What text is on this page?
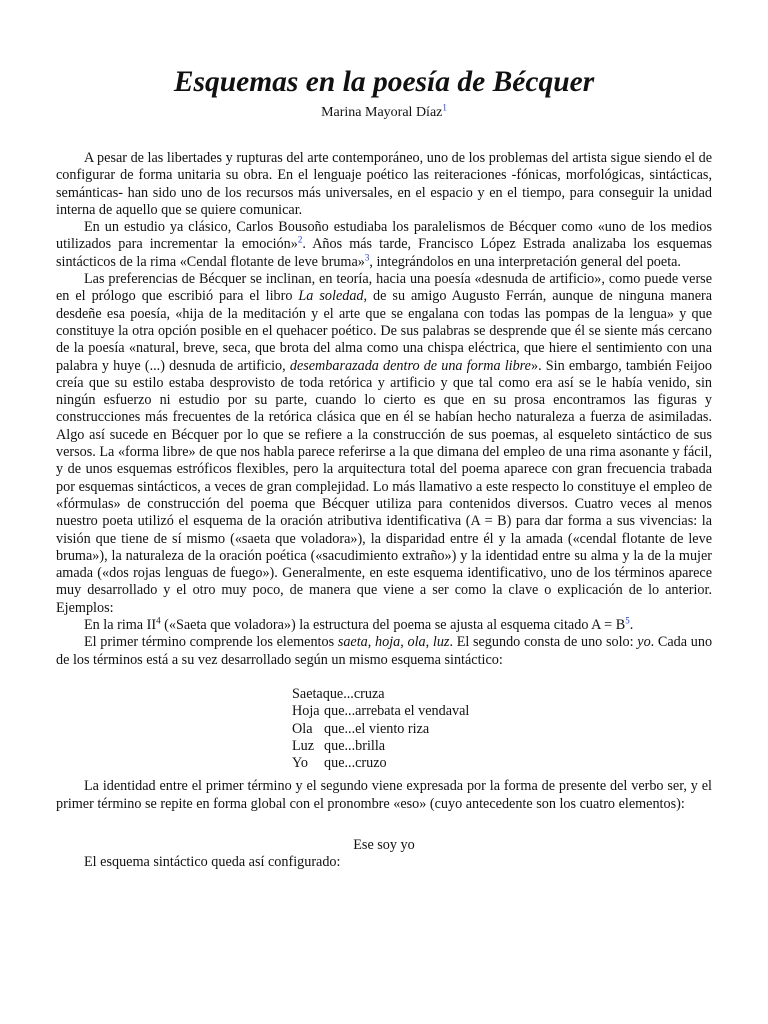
Esquemas en la poesía de Bécquer
Marina Mayoral Díaz$^1$

A pesar de las libertades y rupturas del arte contemporáneo, uno de los problemas del artista sigue siendo el de configurar de forma unitaria su obra. En el lenguaje poético las reiteraciones -fónicas, morfológicas, sintácticas, semánticas- han sido uno de los recursos más universales, en el espacio y en el tiempo, para conseguir la unidad interna de aquello que se quiere comunicar.

En un estudio ya clásico, Carlos Bousoño estudiaba los paralelismos de Bécquer como «uno de los medios utilizados para incrementar la emoción»$^2$. Años más tarde, Francisco López Estrada analizaba los esquemas sintácticos de la rima «Cendal flotante de leve bruma»$^3$, integrándolos en una interpretación general del poeta.

Las preferencias de Bécquer se inclinan, en teoría, hacia una poesía «desnuda de artificio», como puede verse en el prólogo que escribió para el libro La soledad, de su amigo Augusto Ferrán, aunque de ninguna manera desdeñe esa poesía, «hija de la meditación y el arte que se engalana con todas las pompas de la lengua» y que constituye la otra opción posible en el quehacer poético. De sus palabras se desprende que él se siente más cercano de la poesía «natural, breve, seca, que brota del alma como una chispa eléctrica, que hiere el sentimiento con una palabra y huye (...) desnuda de artificio, desembarazada dentro de una forma libre». Sin embargo, también Feijoo creía que su estilo estaba desprovisto de toda retórica y artificio y que tal como era así se le había venido, sin ningún esfuerzo ni estudio por su parte, cuando lo cierto es que en su prosa encontramos las figuras y construcciones más frecuentes de la retórica clásica que en él se habían hecho naturaleza a fuerza de asimiladas. Algo así sucede en Bécquer por lo que se refiere a la construcción de sus poemas, al esqueleto sintáctico de sus versos. La «forma libre» de que nos habla parece referirse a la que dimana del empleo de una rima asonante y fácil, y de unos esquemas estróficos flexibles, pero la arquitectura total del poema aparece con gran frecuencia trabada por esquemas sintácticos, a veces de gran complejidad. Lo más llamativo a este respecto lo constituye el empleo de «fórmulas» de construcción del poema que Bécquer utiliza para contenidos diversos. Cuatro veces al menos nuestro poeta utilizó el esquema de la oración atributiva identificativa (A = B) para dar forma a sus vivencias: la visión que tiene de sí mismo («saeta que voladora»), la disparidad entre él y la amada («cendal flotante de leve bruma»), la naturaleza de la oración poética («sacudimiento extraño») y la identidad entre su alma y la de la mujer amada («dos rojas lenguas de fuego»). Generalmente, en este esquema identificativo, uno de los términos aparece muy desarrollado y el otro muy poco, de manera que viene a ser como la clave o explicación de lo anterior. Ejemplos:

En la rima II$^4$ («Saeta que voladora») la estructura del poema se ajusta al esquema citado A = B$^5$.

El primer término comprende los elementos saeta, hoja, ola, luz. El segundo consta de uno solo: yo. Cada uno de los términos está a su vez desarrollado según un mismo esquema sintáctico:

Saetaque...cruza
Hoja que...arrebata el vendaval
Ola que...el viento riza
Luz que...brilla
Yo que...cruzo

La identidad entre el primer término y el segundo viene expresada por la forma de presente del verbo ser, y el primer término se repite en forma global con el pronombre «eso» (cuyo antecedente son los cuatro elementos):

Ese soy yo

El esquema sintáctico queda así configurado:
